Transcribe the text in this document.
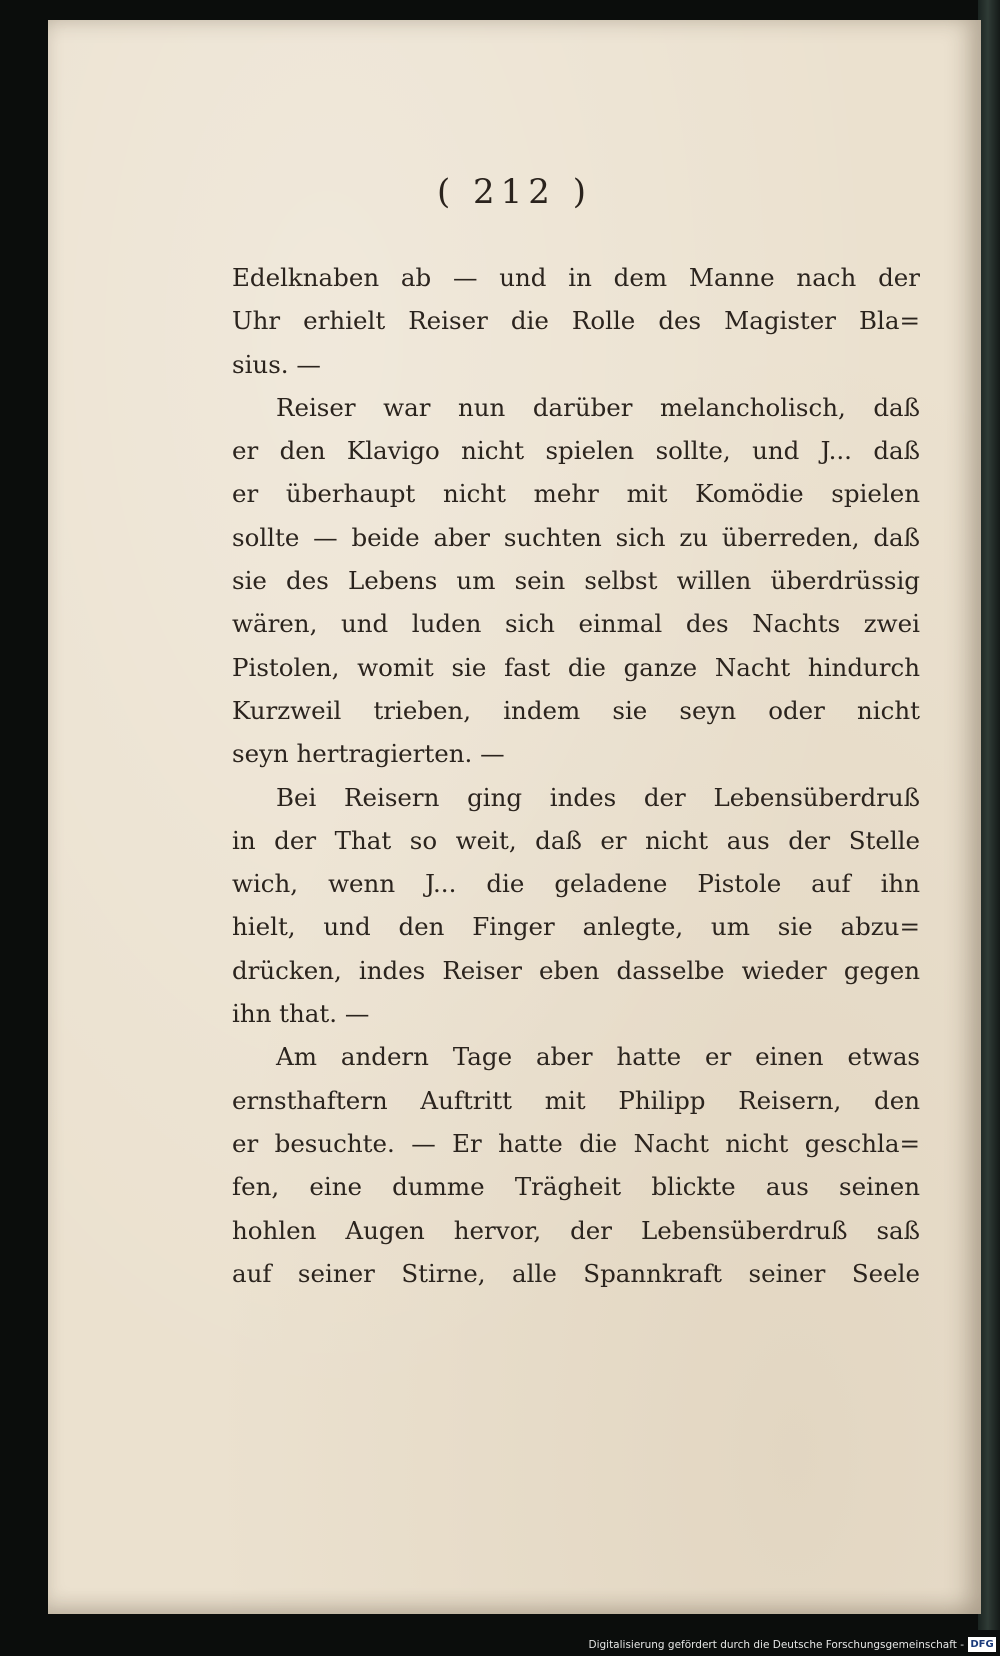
( 212 )
Edelknaben ab — und in dem Manne nach der
Uhr erhielt Reiser die Rolle des Magister Bla=
sius. —
Reiser war nun darüber melancholisch, daß
er den Klavigo nicht spielen sollte, und J... daß
er überhaupt nicht mehr mit Komödie spielen
sollte — beide aber suchten sich zu überreden, daß
sie des Lebens um sein selbst willen überdrüssig
wären, und luden sich einmal des Nachts zwei
Pistolen, womit sie fast die ganze Nacht hindurch
Kurzweil trieben, indem sie seyn oder nicht
seyn hertragierten. —
Bei Reisern ging indes der Lebensüberdruß
in der That so weit, daß er nicht aus der Stelle
wich, wenn J... die geladene Pistole auf ihn
hielt, und den Finger anlegte, um sie abzu=
drücken, indes Reiser eben dasselbe wieder gegen
ihn that. —
Am andern Tage aber hatte er einen etwas
ernsthaftern Auftritt mit Philipp Reisern, den
er besuchte. — Er hatte die Nacht nicht geschla=
fen, eine dumme Trägheit blickte aus seinen
hohlen Augen hervor, der Lebensüberdruß saß
auf seiner Stirne, alle Spannkraft seiner Seele
Digitalisierung gefördert durch die Deutsche Forschungsgemeinschaft - DFG
